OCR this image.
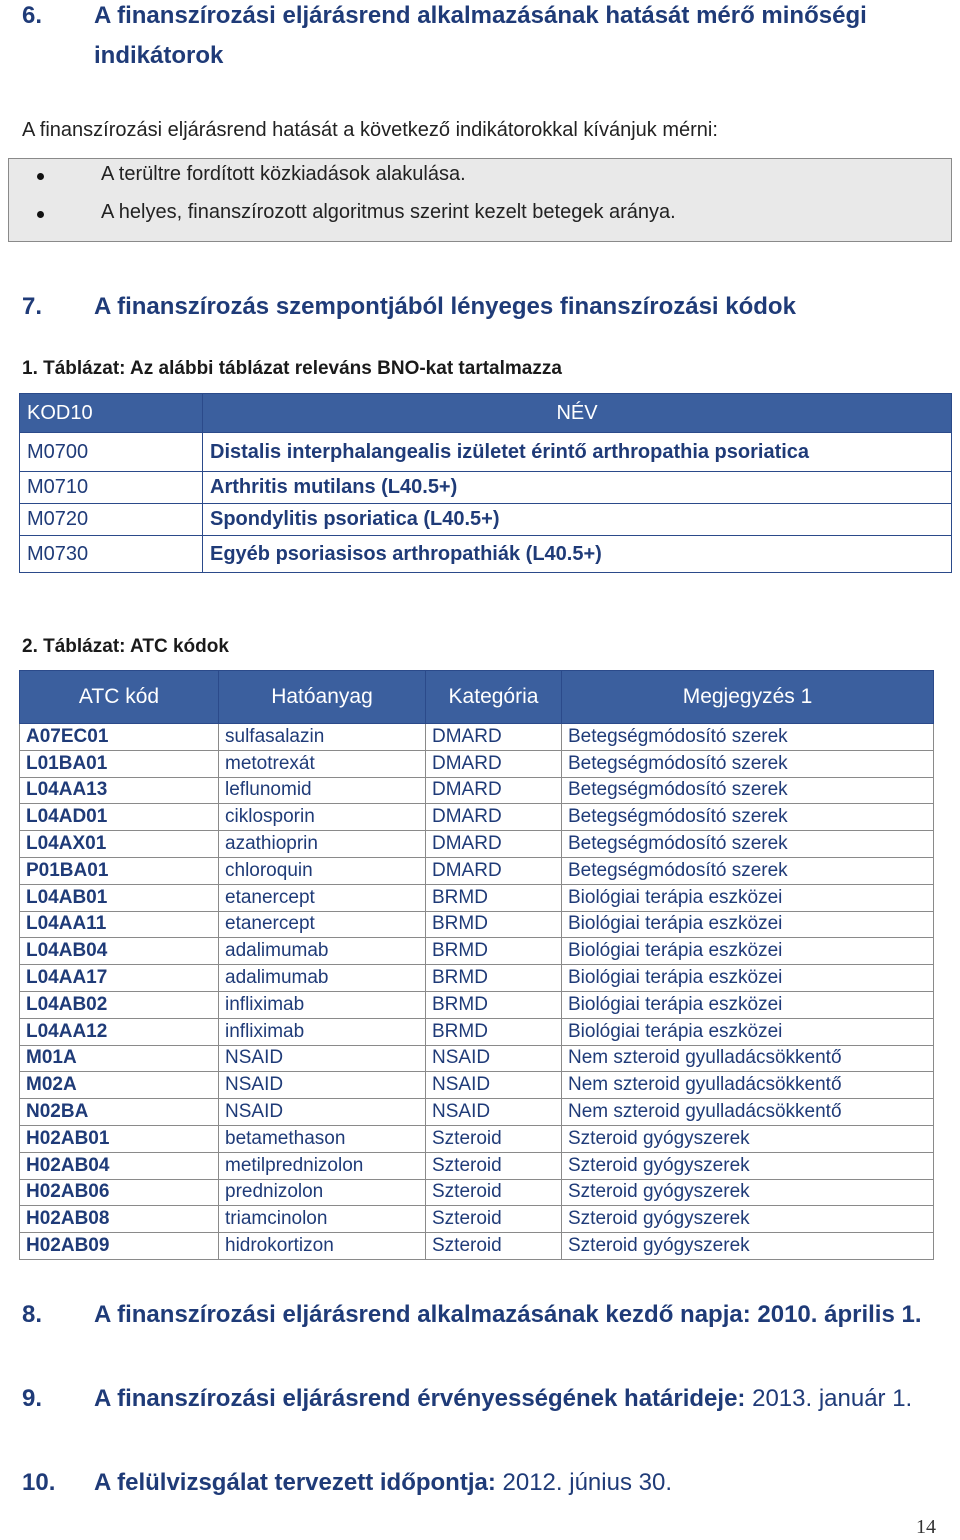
6. A finanszírozási eljárásrend alkalmazásának hatását mérő minőségi
indikátorok
A finanszírozási eljárásrend hatását a következő indikátorokkal kívánjuk mérni:
A terültre fordított közkiadások alakulása.
A helyes, finanszírozott algoritmus szerint kezelt betegek aránya.
7. A finanszírozás szempontjából lényeges finanszírozási kódok
1. Táblázat: Az alábbi táblázat releváns BNO-kat tartalmazza
KOD10	NÉV
M0700	Distalis interphalangealis izületet érintő arthropathia psoriatica
M0710	Arthritis mutilans (L40.5+)
M0720	Spondylitis psoriatica (L40.5+)
M0730	Egyéb psoriasisos arthropathiák (L40.5+)
2. Táblázat: ATC kódok
ATC kód	Hatóanyag	Kategória	Megjegyzés 1
A07EC01	sulfasalazin	DMARD	Betegségmódosító szerek
L01BA01	metotrexát	DMARD	Betegségmódosító szerek
L04AA13	leflunomid	DMARD	Betegségmódosító szerek
L04AD01	ciklosporin	DMARD	Betegségmódosító szerek
L04AX01	azathioprin	DMARD	Betegségmódosító szerek
P01BA01	chloroquin	DMARD	Betegségmódosító szerek
L04AB01	etanercept	BRMD	Biológiai terápia eszközei
L04AA11	etanercept	BRMD	Biológiai terápia eszközei
L04AB04	adalimumab	BRMD	Biológiai terápia eszközei
L04AA17	adalimumab	BRMD	Biológiai terápia eszközei
L04AB02	infliximab	BRMD	Biológiai terápia eszközei
L04AA12	infliximab	BRMD	Biológiai terápia eszközei
M01A	NSAID	NSAID	Nem szteroid gyulladácsökkentő
M02A	NSAID	NSAID	Nem szteroid gyulladácsökkentő
N02BA	NSAID	NSAID	Nem szteroid gyulladácsökkentő
H02AB01	betamethason	Szteroid	Szteroid gyógyszerek
H02AB04	metilprednizolon	Szteroid	Szteroid gyógyszerek
H02AB06	prednizolon	Szteroid	Szteroid gyógyszerek
H02AB08	triamcinolon	Szteroid	Szteroid gyógyszerek
H02AB09	hidrokortizon	Szteroid	Szteroid gyógyszerek
8. A finanszírozási eljárásrend alkalmazásának kezdő napja: 2010. április 1.
9. A finanszírozási eljárásrend érvényességének határideje: 2013. január 1.
10. A felülvizsgálat tervezett időpontja: 2012. június 30.
14
